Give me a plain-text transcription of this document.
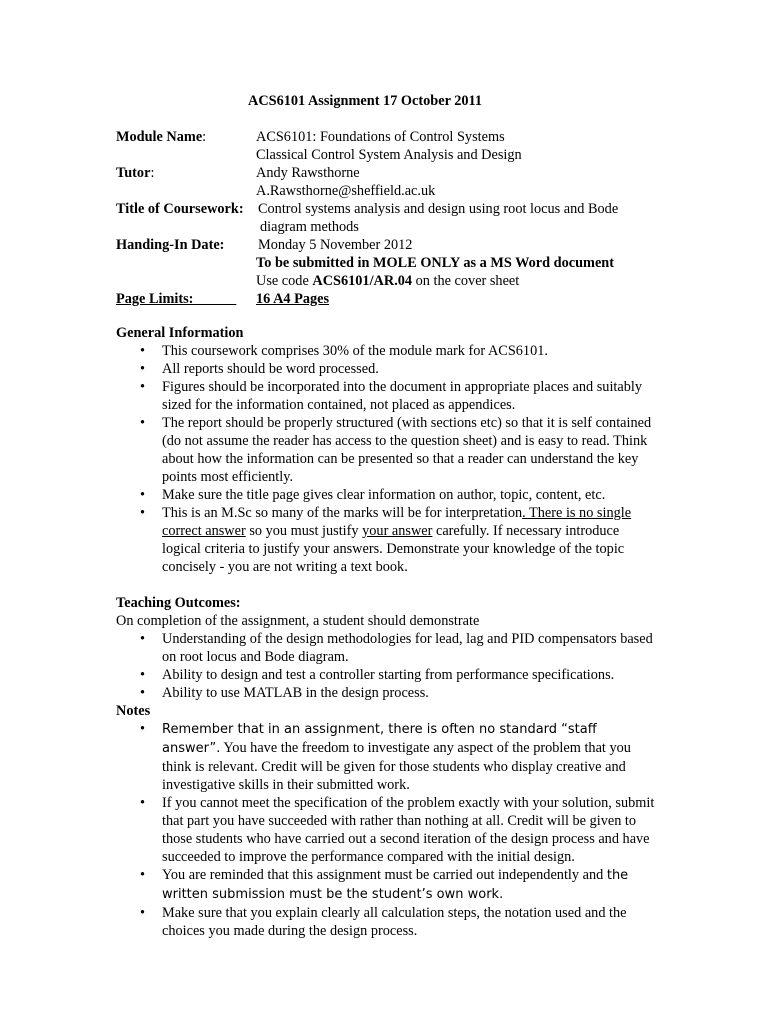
ACS6101 Assignment 17 October 2011
Module Name:	ACS6101: Foundations of Control Systems
Classical Control System Analysis and Design
Tutor:	Andy Rawsthorne
A.Rawsthorne@sheffield.ac.uk
Title of Coursework: Control systems analysis and design using root locus and Bode
diagram methods
Handing-In Date: Monday 5 November 2012
To be submitted in MOLE ONLY as a MS Word document
Use code ACS6101/AR.04 on the cover sheet
Page Limits:	16 A4 Pages
General Information
• This coursework comprises 30% of the module mark for ACS6101.
• All reports should be word processed.
• Figures should be incorporated into the document in appropriate places and suitably sized for the information contained, not placed as appendices.
• The report should be properly structured (with sections etc) so that it is self contained (do not assume the reader has access to the question sheet) and is easy to read. Think about how the information can be presented so that a reader can understand the key points most efficiently.
• Make sure the title page gives clear information on author, topic, content, etc.
• This is an M.Sc so many of the marks will be for interpretation. There is no single correct answer so you must justify your answer carefully. If necessary introduce logical criteria to justify your answers. Demonstrate your knowledge of the topic concisely - you are not writing a text book.
Teaching Outcomes:

On completion of the assignment, a student should demonstrate

• Understanding of the design methodologies for lead, lag and PID compensators based on root locus and Bode diagram.
• Ability to design and test a controller starting from performance specifications.
• Ability to use MATLAB in the design process.
Notes
• Remember that in an assignment, there is often no standard “staff answer”. You have the freedom to investigate any aspect of the problem that you think is relevant. Credit will be given for those students who display creative and investigative skills in their submitted work.
• If you cannot meet the specification of the problem exactly with your solution, submit that part you have succeeded with rather than nothing at all. Credit will be given to those students who have carried out a second iteration of the design process and have succeeded to improve the performance compared with the initial design.
• You are reminded that this assignment must be carried out independently and the written submission must be the student’s own work.
• Make sure that you explain clearly all calculation steps, the notation used and the choices you made during the design process.
